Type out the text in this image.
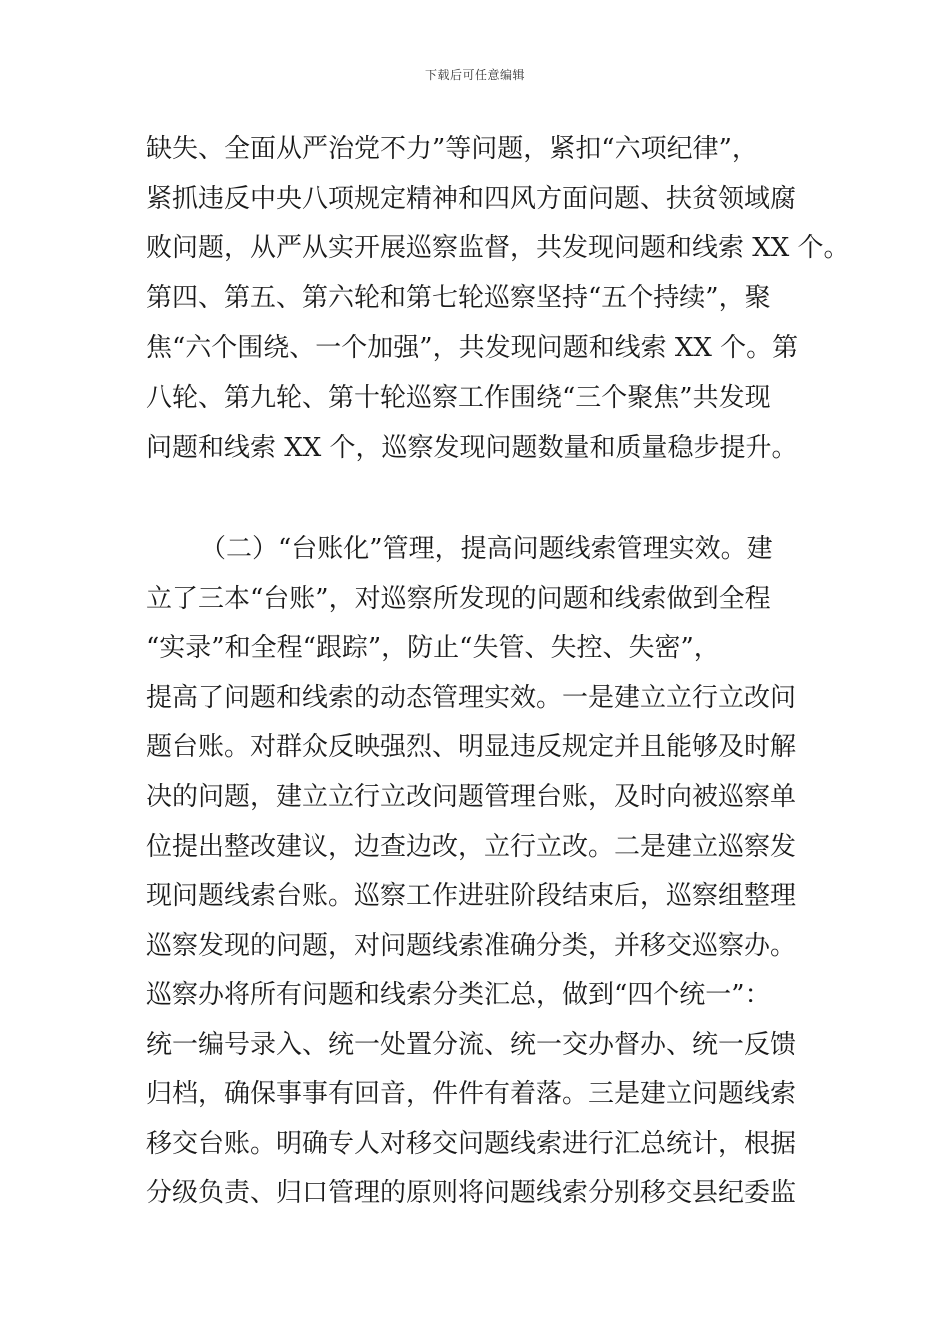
下载后可任意编辑
缺失、全面从严治党不力”等问题，紧扣“六项纪律”，
紧抓违反中央八项规定精神和四风方面问题、扶贫领域腐
败问题，从严从实开展巡察监督，共发现问题和线索 XX 个。
第四、第五、第六轮和第七轮巡察坚持“五个持续”，聚
焦“六个围绕、一个加强”，共发现问题和线索 XX 个。第
八轮、第九轮、第十轮巡察工作围绕“三个聚焦”共发现
问题和线索 XX 个，巡察发现问题数量和质量稳步提升。
（二）“台账化”管理，提高问题线索管理实效。建
立了三本“台账”，对巡察所发现的问题和线索做到全程
“实录”和全程“跟踪”，防止“失管、失控、失密”，
提高了问题和线索的动态管理实效。一是建立立行立改问
题台账。对群众反映强烈、明显违反规定并且能够及时解
决的问题，建立立行立改问题管理台账，及时向被巡察单
位提出整改建议，边查边改，立行立改。二是建立巡察发
现问题线索台账。巡察工作进驻阶段结束后，巡察组整理
巡察发现的问题，对问题线索准确分类，并移交巡察办。
巡察办将所有问题和线索分类汇总，做到“四个统一”：
统一编号录入、统一处置分流、统一交办督办、统一反馈
归档，确保事事有回音，件件有着落。三是建立问题线索
移交台账。明确专人对移交问题线索进行汇总统计，根据
分级负责、归口管理的原则将问题线索分别移交县纪委监
